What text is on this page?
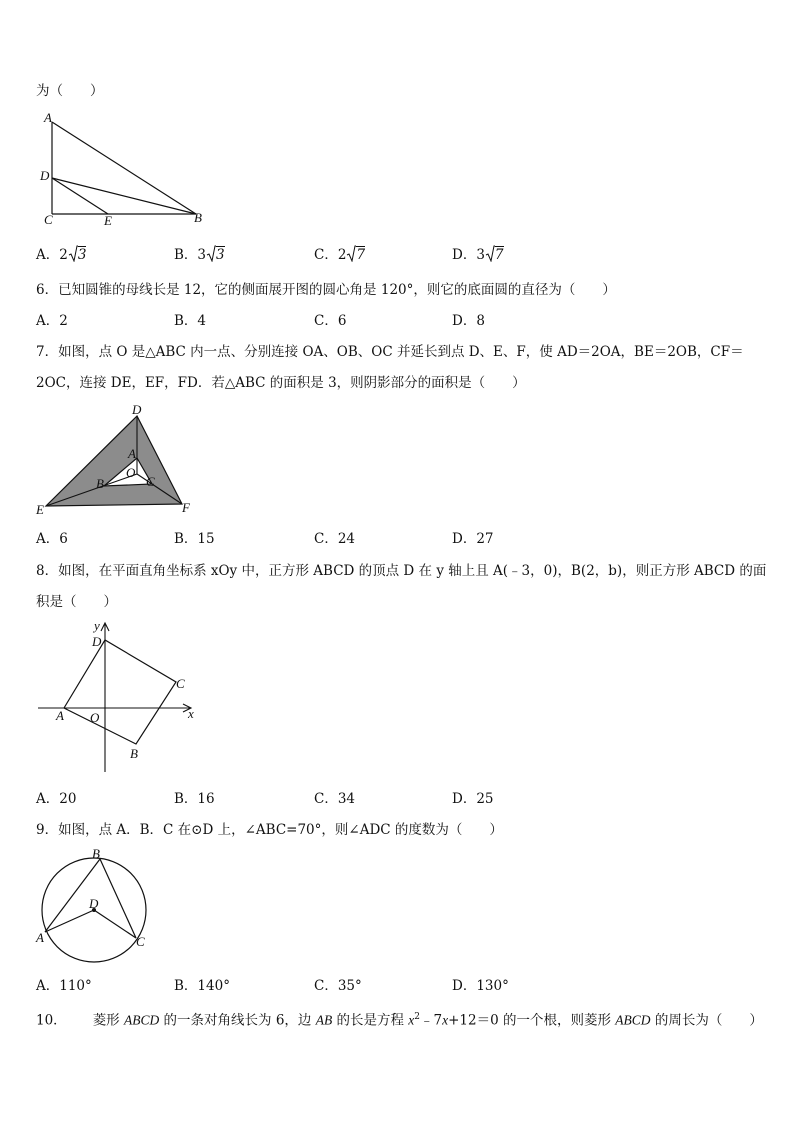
为（　　）
A
D
C	E	B
A．2 3	B．3 3	C．2 7	D．3 7
6．已知圆锥的母线长是 12，它的侧面展开图的圆心角是 120°，则它的底面圆的直径为（　　）
A．2	B．4	C．6	D．8
7．如图，点 O 是△ABC 内一点、分别连接 OA、OB、OC 并延长到点 D、E、F，使 AD＝2OA，BE＝2OB，CF＝
2OC，连接 DE，EF，FD．若△ABC 的面积是 3，则阴影部分的面积是（　　）
D
A
O
B	C
E	F
A．6	B．15	C．24	D．27
8．如图，在平面直角坐标系 xOy 中，正方形 ABCD 的顶点 D 在 y 轴上且 A(﹣3，0)，B(2，b)，则正方形 ABCD 的面
积是（　　）
y
x
D
C
A O
B
A．20	B．16	C．34	D．25
9．如图，点 A．B．C 在⊙D 上，∠ABC=70°，则∠ADC 的度数为（　　）
B
D
A	C
A．110°	B．140°	C．35°	D．130°
10． 菱形 ABCD 的一条对角线长为 6，边 AB 的长是方程 $x^2﹣7x+12=0$ 的一个根，则菱形 ABCD 的周长为（　　）
